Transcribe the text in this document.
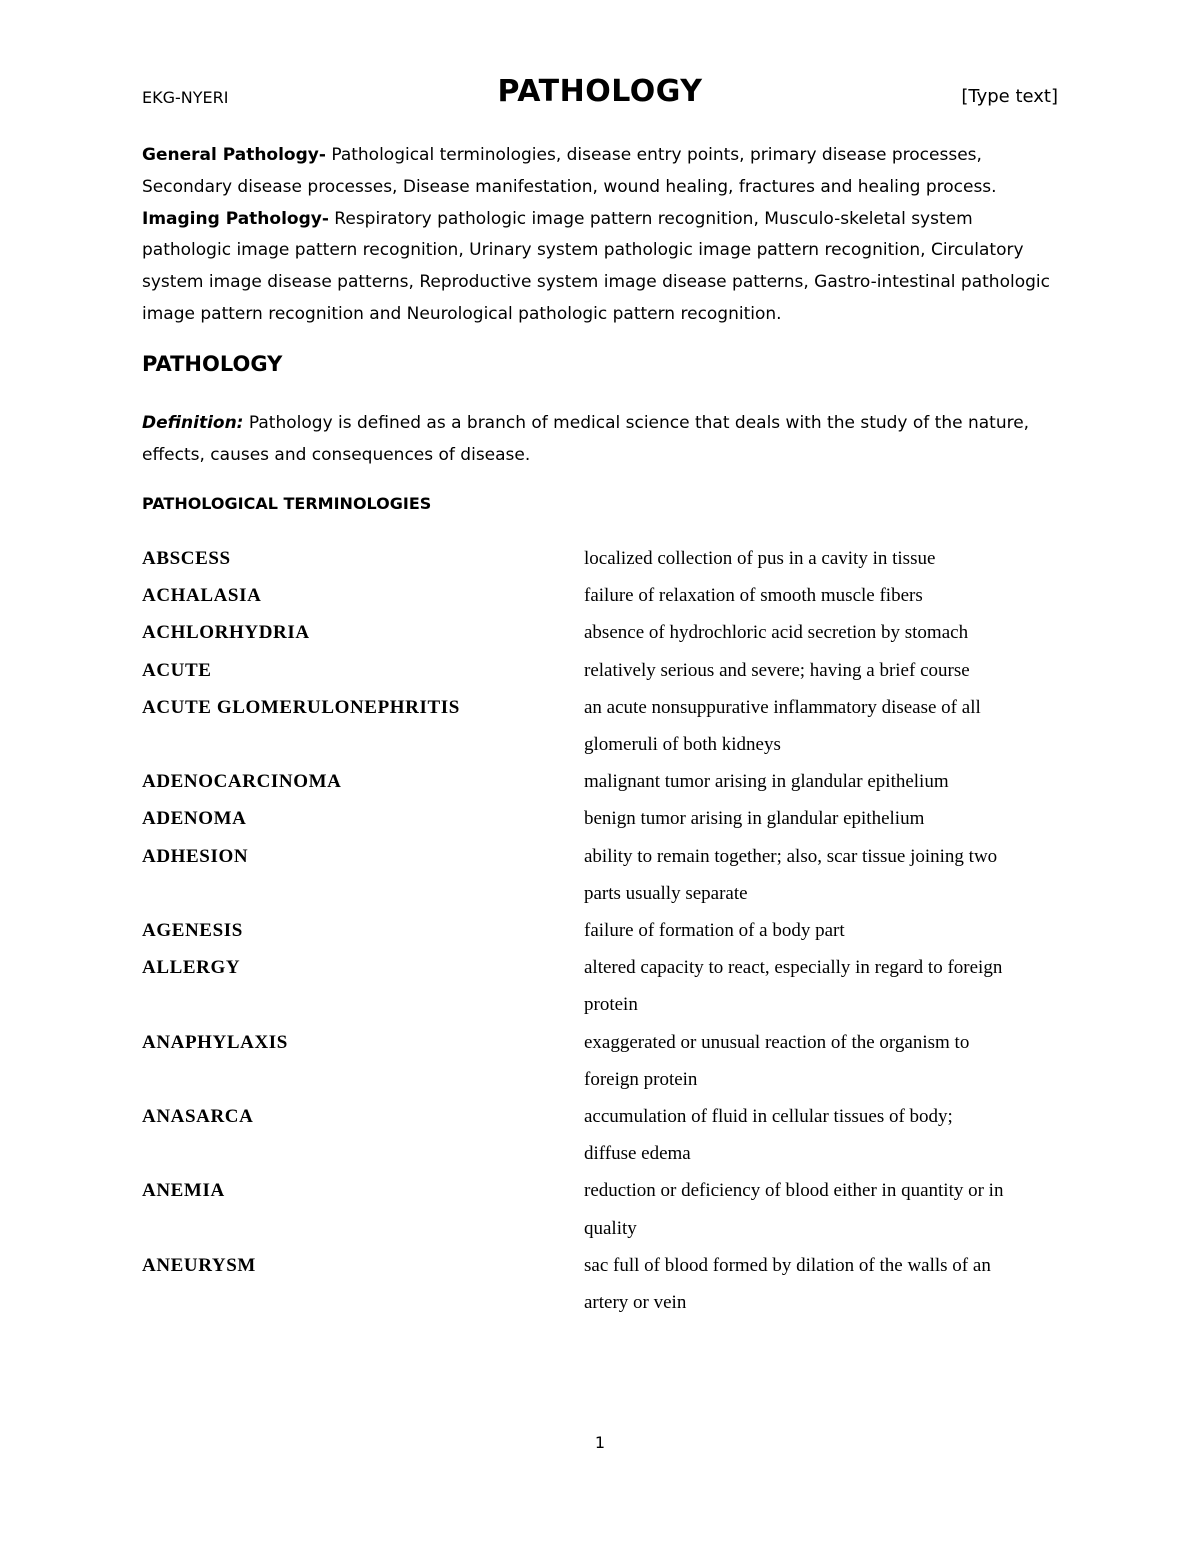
EKG-NYERI	PATHOLOGY	[Type text]
General Pathology- Pathological terminologies, disease entry points, primary disease processes, Secondary disease processes, Disease manifestation, wound healing, fractures and healing process.
Imaging Pathology- Respiratory pathologic image pattern recognition, Musculo-skeletal system pathologic image pattern recognition, Urinary system pathologic image pattern recognition, Circulatory system image disease patterns, Reproductive system image disease patterns, Gastro-intestinal pathologic image pattern recognition and Neurological pathologic pattern recognition.
PATHOLOGY
Definition: Pathology is defined as a branch of medical science that deals with the study of the nature, effects, causes and consequences of disease.
PATHOLOGICAL TERMINOLOGIES
ABSCESS	localized collection of pus in a cavity in tissue
ACHALASIA	failure of relaxation of smooth muscle fibers
ACHLORHYDRIA	absence of hydrochloric acid secretion by stomach
ACUTE	relatively serious and severe; having a brief course
ACUTE GLOMERULONEPHRITIS	an acute nonsuppurative inflammatory disease of all glomeruli of both kidneys
ADENOCARCINOMA	malignant tumor arising in glandular epithelium
ADENOMA	benign tumor arising in glandular epithelium
ADHESION	ability to remain together; also, scar tissue joining two parts usually separate
AGENESIS	failure of formation of a body part
ALLERGY	altered capacity to react, especially in regard to foreign protein
ANAPHYLAXIS	exaggerated or unusual reaction of the organism to foreign protein
ANASARCA	accumulation of fluid in cellular tissues of body; diffuse edema
ANEMIA	reduction or deficiency of blood either in quantity or in quality
ANEURYSM	sac full of blood formed by dilation of the walls of an artery or vein
1
